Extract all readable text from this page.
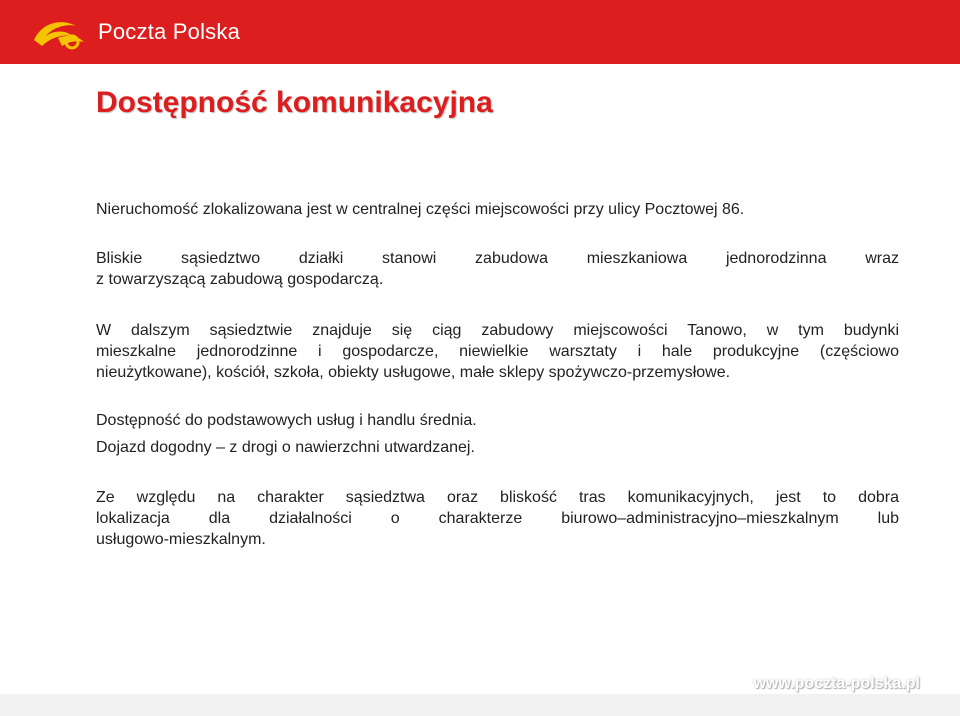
Poczta Polska
Dostępność komunikacyjna

Nieruchomość zlokalizowana jest w centralnej części miejscowości przy ulicy Pocztowej 86.

Bliskie sąsiedztwo działki stanowi zabudowa mieszkaniowa jednorodzinna wraz
z towarzyszącą zabudową gospodarczą.

W dalszym sąsiedztwie znajduje się ciąg zabudowy miejscowości Tanowo, w tym budynki
mieszkalne jednorodzinne i gospodarcze, niewielkie warsztaty i hale produkcyjne (częściowo
nieużytkowane), kościół, szkoła, obiekty usługowe, małe sklepy spożywczo-przemysłowe.

Dostępność do podstawowych usług i handlu średnia.

Dojazd dogodny – z drogi o nawierzchni utwardzanej.

Ze względu na charakter sąsiedztwa oraz bliskość tras komunikacyjnych, jest to dobra
lokalizacja dla działalności o charakterze biurowo–administracyjno–mieszkalnym lub
usługowo-mieszkalnym.

www.poczta-polska.pl
